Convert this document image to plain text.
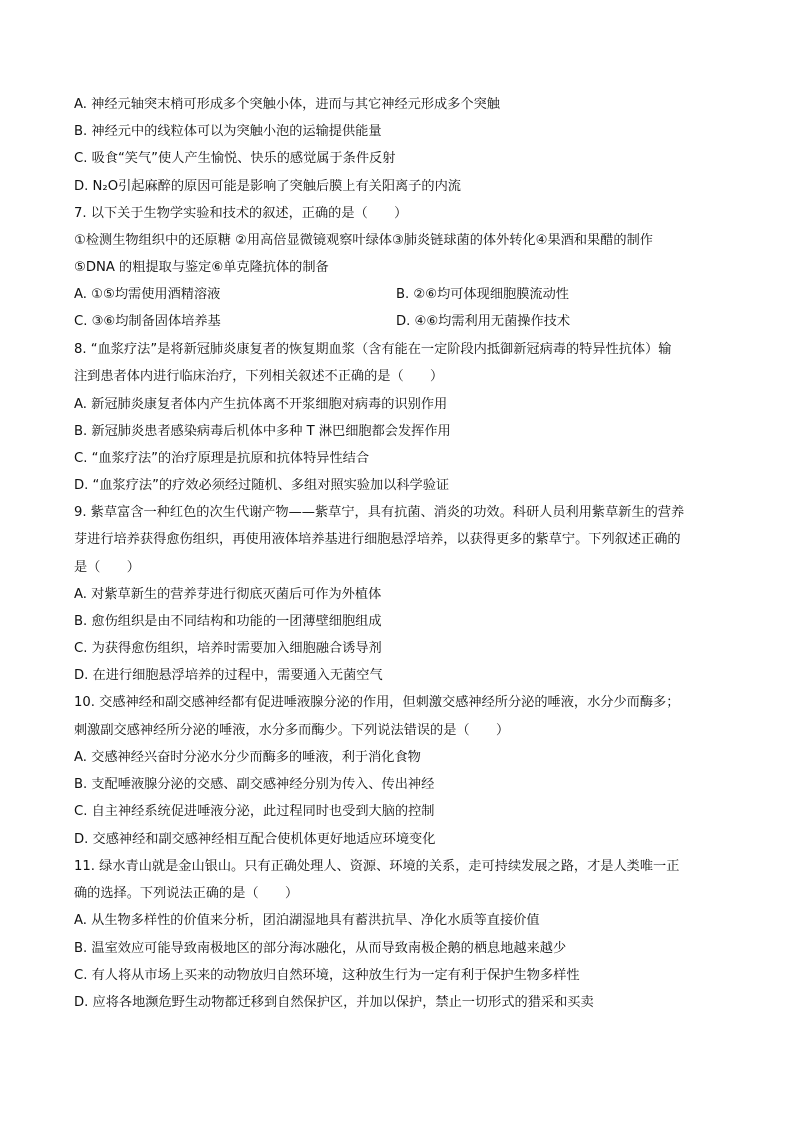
A. 神经元轴突末梢可形成多个突触小体，进而与其它神经元形成多个突触
B. 神经元中的线粒体可以为突触小泡的运输提供能量
C. 吸食“笑气”使人产生愉悦、快乐的感觉属于条件反射
D. N₂O引起麻醉的原因可能是影响了突触后膜上有关阳离子的内流
7. 以下关于生物学实验和技术的叙述，正确的是（　　）
①检测生物组织中的还原糖 ②用高倍显微镜观察叶绿体③肺炎链球菌的体外转化④果酒和果醋的制作
⑤DNA 的粗提取与鉴定⑥单克隆抗体的制备
A. ①⑤均需使用酒精溶液	B. ②⑥均可体现细胞膜流动性
C. ③⑥均制备固体培养基	D. ④⑥均需利用无菌操作技术
8. “血浆疗法”是将新冠肺炎康复者的恢复期血浆（含有能在一定阶段内抵御新冠病毒的特异性抗体）输
注到患者体内进行临床治疗，下列相关叙述不正确的是（　　）
A. 新冠肺炎康复者体内产生抗体离不开浆细胞对病毒的识别作用
B. 新冠肺炎患者感染病毒后机体中多种 T 淋巴细胞都会发挥作用
C. “血浆疗法”的治疗原理是抗原和抗体特异性结合
D. “血浆疗法”的疗效必须经过随机、多组对照实验加以科学验证
9. 紫草富含一种红色的次生代谢产物——紫草宁，具有抗菌、消炎的功效。科研人员利用紫草新生的营养
芽进行培养获得愈伤组织，再使用液体培养基进行细胞悬浮培养，以获得更多的紫草宁。下列叙述正确的
是（　　）
A. 对紫草新生的营养芽进行彻底灭菌后可作为外植体
B. 愈伤组织是由不同结构和功能的一团薄壁细胞组成
C. 为获得愈伤组织，培养时需要加入细胞融合诱导剂
D. 在进行细胞悬浮培养的过程中，需要通入无菌空气
10. 交感神经和副交感神经都有促进唾液腺分泌的作用，但刺激交感神经所分泌的唾液，水分少而酶多；
刺激副交感神经所分泌的唾液，水分多而酶少。下列说法错误的是（　　）
A. 交感神经兴奋时分泌水分少而酶多的唾液，利于消化食物
B. 支配唾液腺分泌的交感、副交感神经分别为传入、传出神经
C. 自主神经系统促进唾液分泌，此过程同时也受到大脑的控制
D. 交感神经和副交感神经相互配合使机体更好地适应环境变化
11. 绿水青山就是金山银山。只有正确处理人、资源、环境的关系，走可持续发展之路，才是人类唯一正
确的选择。下列说法正确的是（　　）
A. 从生物多样性的价值来分析，团泊湖湿地具有蓄洪抗旱、净化水质等直接价值
B. 温室效应可能导致南极地区的部分海冰融化，从而导致南极企鹅的栖息地越来越少
C. 有人将从市场上买来的动物放归自然环境，这种放生行为一定有利于保护生物多样性
D. 应将各地濒危野生动物都迁移到自然保护区，并加以保护，禁止一切形式的猎采和买卖
